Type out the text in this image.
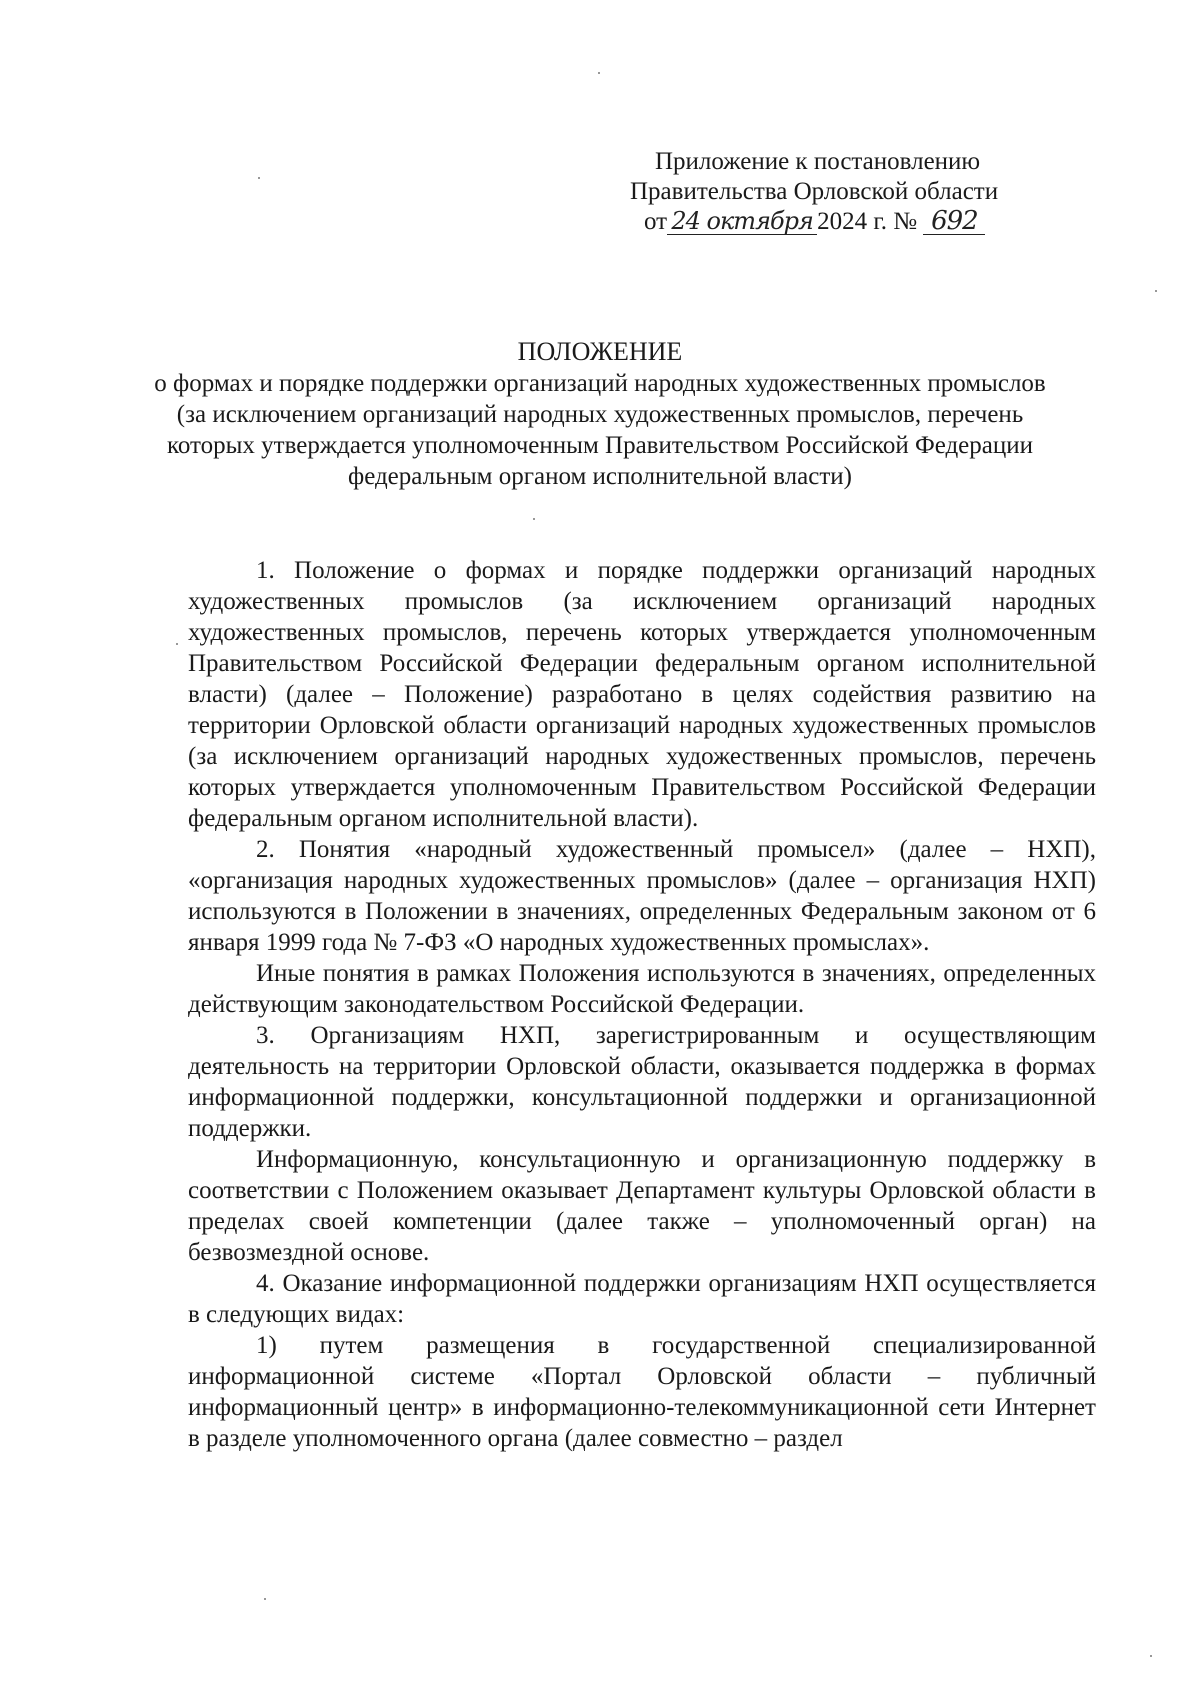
Приложение к постановлению
Правительства Орловской области
от 24 октября 2024 г. № 692
ПОЛОЖЕНИЕ
о формах и порядке поддержки организаций народных художественных промыслов (за исключением организаций народных художественных промыслов, перечень которых утверждается уполномоченным Правительством Российской Федерации федеральным органом исполнительной власти)

1. Положение о формах и порядке поддержки организаций народных художественных промыслов (за исключением организаций народных художественных промыслов, перечень которых утверждается уполномоченным Правительством Российской Федерации федеральным органом исполнительной власти) (далее – Положение) разработано в целях содействия развитию на территории Орловской области организаций народных художественных промыслов (за исключением организаций народных художественных промыслов, перечень которых утверждается уполномоченным Правительством Российской Федерации федеральным органом исполнительной власти).

2. Понятия «народный художественный промысел» (далее – НХП), «организация народных художественных промыслов» (далее – организация НХП) используются в Положении в значениях, определенных Федеральным законом от 6 января 1999 года № 7-ФЗ «О народных художественных промыслах».

Иные понятия в рамках Положения используются в значениях, определенных действующим законодательством Российской Федерации.

3. Организациям НХП, зарегистрированным и осуществляющим деятельность на территории Орловской области, оказывается поддержка в формах информационной поддержки, консультационной поддержки и организационной поддержки.

Информационную, консультационную и организационную поддержку в соответствии с Положением оказывает Департамент культуры Орловской области в пределах своей компетенции (далее также – уполномоченный орган) на безвозмездной основе.

4. Оказание информационной поддержки организациям НХП осуществляется в следующих видах:

1) путем размещения в государственной специализированной информационной системе «Портал Орловской области – публичный информационный центр» в информационно-телекоммуникационной сети Интернет в разделе уполномоченного органа (далее совместно – раздел
